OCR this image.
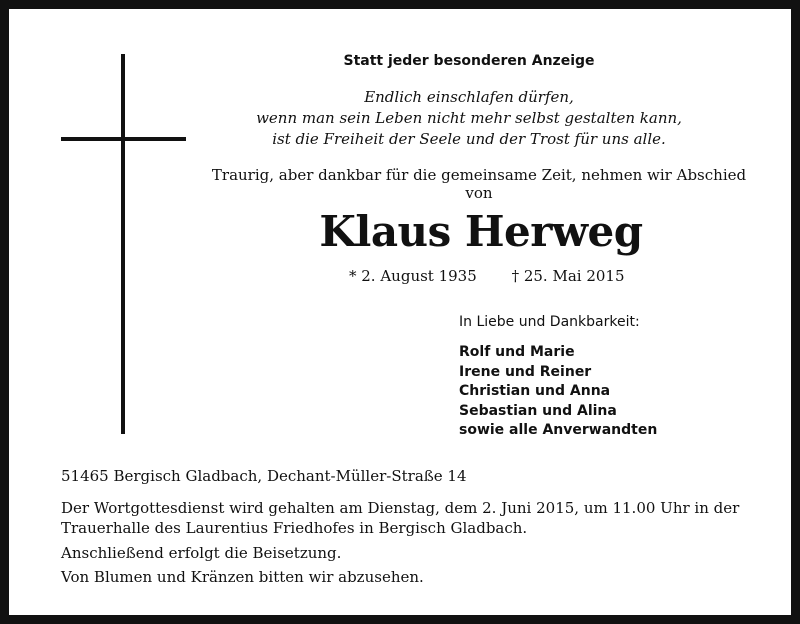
Statt jeder besonderen Anzeige
Endlich einschlafen dürfen,
wenn man sein Leben nicht mehr selbst gestalten kann,
ist die Freiheit der Seele und der Trost für uns alle.
Traurig, aber dankbar für die gemeinsame Zeit, nehmen wir Abschied von
Klaus Herweg
* 2. August 1935 † 25. Mai 2015
In Liebe und Dankbarkeit:
Rolf und Marie
Irene und Reiner
Christian und Anna
Sebastian und Alina
sowie alle Anverwandten
51465 Bergisch Gladbach, Dechant-Müller-Straße 14
Der Wortgottesdienst wird gehalten am Dienstag, dem 2. Juni 2015, um 11.00 Uhr in der Trauerhalle des Laurentius Friedhofes in Bergisch Gladbach.
Anschließend erfolgt die Beisetzung.
Von Blumen und Kränzen bitten wir abzusehen.
